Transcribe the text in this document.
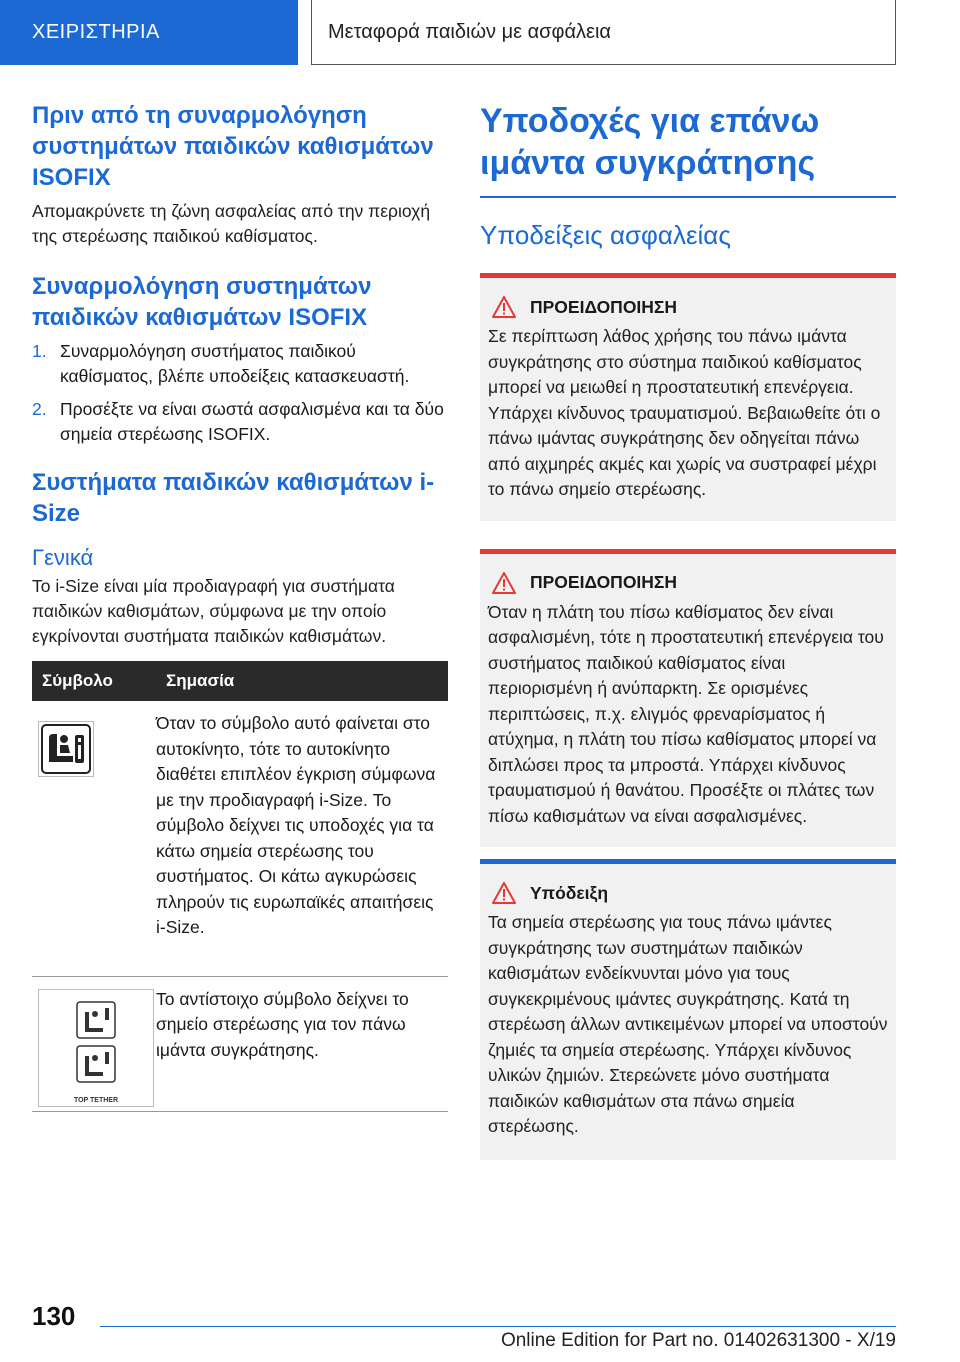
ΧΕΙΡΙΣΤΗΡΙΑ	Μεταφορά παιδιών με ασφάλεια
Πριν από τη συναρμολόγηση συστημάτων παιδικών καθισμάτων ISOFIX

Απομακρύνετε τη ζώνη ασφαλείας από την περιοχή της στερέωσης παιδικού καθίσματος.

Συναρμολόγηση συστημάτων παιδικών καθισμάτων ISOFIX
1. Συναρμολόγηση συστήματος παιδικού καθίσματος, βλέπε υποδείξεις κατασκευαστή.
2. Προσέξτε να είναι σωστά ασφαλισμένα και τα δύο σημεία στερέωσης ISOFIX.
Συστήματα παιδικών καθισμάτων i-Size
Γενικά

Το i-Size είναι μία προδιαγραφή για συστήματα παιδικών καθισμάτων, σύμφωνα με την οποίο εγκρίνονται συστήματα παιδικών καθισμάτων.

Σύμβολο	Σημασία

	Όταν το σύμβολο αυτό φαίνεται στο αυτοκίνητο, τότε το αυτοκίνητο διαθέτει επιπλέον έγκριση σύμφωνα με την προδιαγραφή i-Size. Το σύμβολο δείχνει τις υποδοχές για τα κάτω σημεία στερέωσης του συστήματος. Οι κάτω αγκυρώσεις πληρούν τις ευρωπαϊκές απαιτήσεις i-Size.

TOP TETHER	Το αντίστοιχο σύμβολο δείχνει το σημείο στερέωσης για τον πάνω ιμάντα συγκράτησης.
Υποδοχές για επάνω ιμάντα συγκράτησης
Υποδείξεις ασφαλείας
ΠΡΟΕΙΔΟΠΟΙΗΣΗ

Σε περίπτωση λάθος χρήσης του πάνω ιμάντα συγκράτησης στο σύστημα παιδικού καθίσματος μπορεί να μειωθεί η προστατευτική επενέργεια. Υπάρχει κίνδυνος τραυματισμού. Βεβαιωθείτε ότι ο πάνω ιμάντας συγκράτησης δεν οδηγείται πάνω από αιχμηρές ακμές και χωρίς να συστραφεί μέχρι το πάνω σημείο στερέωσης.

ΠΡΟΕΙΔΟΠΟΙΗΣΗ

Όταν η πλάτη του πίσω καθίσματος δεν είναι ασφαλισμένη, τότε η προστατευτική επενέργεια του συστήματος παιδικού καθίσματος είναι περιορισμένη ή ανύπαρκτη. Σε ορισμένες περιπτώσεις, π.χ. ελιγμός φρεναρίσματος ή ατύχημα, η πλάτη του πίσω καθίσματος μπορεί να διπλώσει προς τα μπροστά. Υπάρχει κίνδυνος τραυματισμού ή θανάτου. Προσέξτε οι πλάτες των πίσω καθισμάτων να είναι ασφαλισμένες.

Υπόδειξη

Τα σημεία στερέωσης για τους πάνω ιμάντες συγκράτησης των συστημάτων παιδικών καθισμάτων ενδείκνυνται μόνο για τους συγκεκριμένους ιμάντες συγκράτησης. Κατά τη στερέωση άλλων αντικειμένων μπορεί να υποστούν ζημιές τα σημεία στερέωσης. Υπάρχει κίνδυνος υλικών ζημιών. Στερεώνετε μόνο συστήματα παιδικών καθισμάτων στα πάνω σημεία στερέωσης.

130
Online Edition for Part no. 01402631300 - X/19
